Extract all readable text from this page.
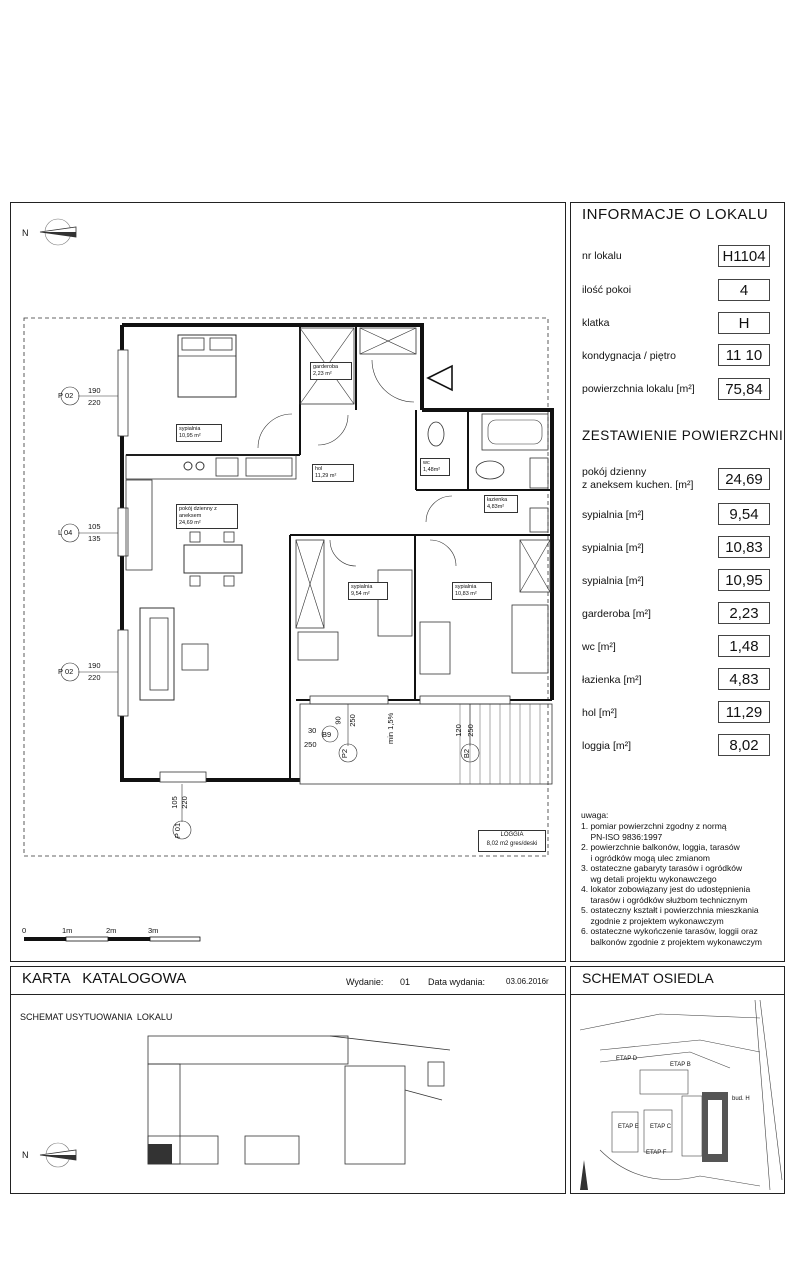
INFORMACJE O LOKALU
nr lokalu	H1104
ilość pokoi	4
klatka	H
kondygnacja / piętro	11 10
powierzchnia lokalu [m²]	75,84
ZESTAWIENIE POWIERZCHNI
pokój dzienny
z aneksem kuchen. [m²]	24,69
sypialnia [m²]	9,54
sypialnia [m²]	10,83
sypialnia [m²]	10,95
garderoba [m²]	2,23
wc [m²]	1,48
łazienka [m²]	4,83
hol [m²]	11,29
loggia [m²]	8,02
uwaga:
1. pomiar powierzchni zgodny z normą
PN-ISO 9836:1997
2. powierzchnie balkonów, loggia, tarasów
i ogródków mogą ulec zmianom
3. ostateczne gabaryty tarasów i ogródków
wg detali projektu wykonawczego
4. lokator zobowiązany jest do udostępnienia
tarasów i ogródków służbom technicznym
5. ostateczny kształt i powierzchnia mieszkania
zgodnie z projektem wykonawczym
6. ostateczne wykończenie tarasów, loggii oraz
balkonów zgodnie z projektem wykonawczym
N
N
sypialnia
10,95 m²
garderoba
2,23 m²
hol
11,29 m²
wc
1,48m²
łazienka
4,83m²
pokój dzienny z aneksem
24,69 m²
sypialnia
9,54 m²
sypialnia
10,83 m²
P 02
190
220
L 04
105
135
P 02
190
220
P 01
105 220
30
250
B9
90 250
P2	B2
120 250
min 1,5%
LOGGIA
8,02 m2 gres/deski
0	1m	2m	3m
KARTA   KATALOGOWA	Wydanie: 01 Data wydania:	03.06.2016r
SCHEMAT USYTUOWANIA  LOKALU
SCHEMAT OSIEDLA
ETAP D
ETAP B
ETAP E
ETAP F
ETAP C
bud. H
